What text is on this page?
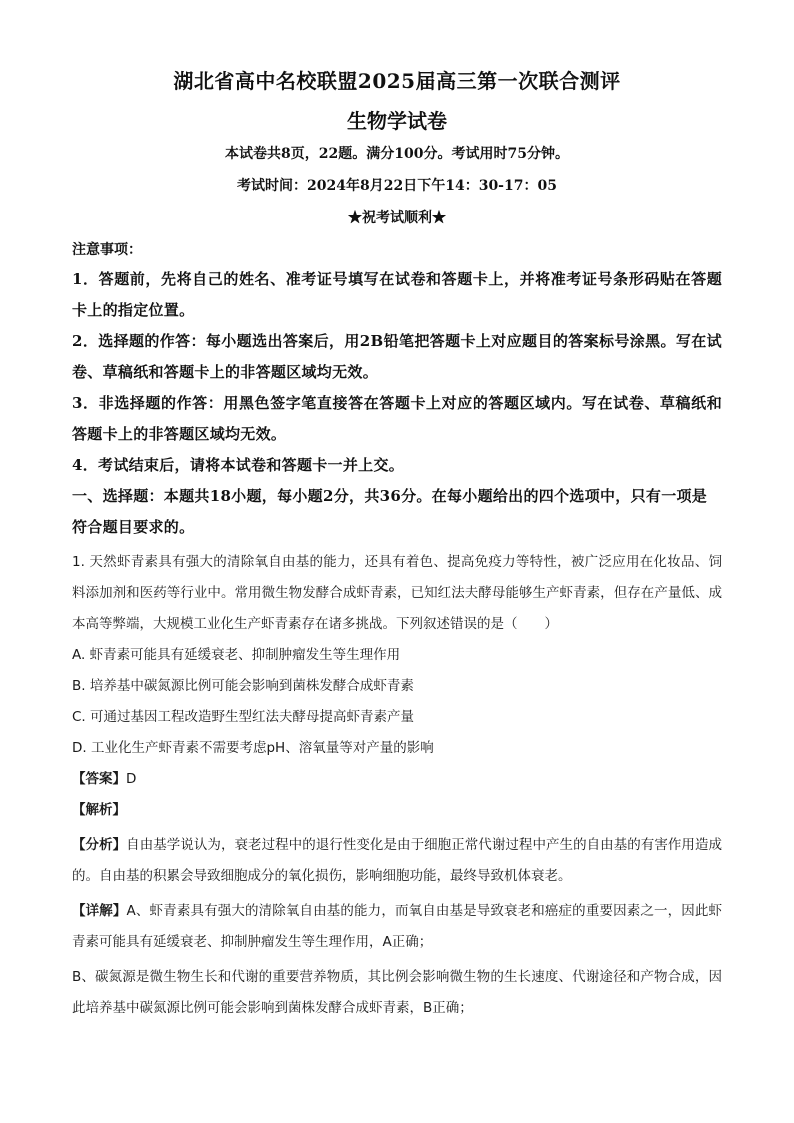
湖北省高中名校联盟2025届高三第一次联合测评
生物学试卷
本试卷共8页，22题。满分100分。考试用时75分钟。
考试时间：2024年8月22日下午14：30-17：05
★祝考试顺利★
注意事项：
1．答题前，先将自己的姓名、准考证号填写在试卷和答题卡上，并将准考证号条形码贴在答题卡上的指定位置。
2．选择题的作答：每小题选出答案后，用2B铅笔把答题卡上对应题目的答案标号涂黑。写在试卷、草稿纸和答题卡上的非答题区域均无效。
3．非选择题的作答：用黑色签字笔直接答在答题卡上对应的答题区域内。写在试卷、草稿纸和答题卡上的非答题区域均无效。
4．考试结束后，请将本试卷和答题卡一并上交。
一、选择题：本题共18小题，每小题2分，共36分。在每小题给出的四个选项中，只有一项是符合题目要求的。
1. 天然虾青素具有强大的清除氧自由基的能力，还具有着色、提高免疫力等特性，被广泛应用在化妆品、饲料添加剂和医药等行业中。常用微生物发酵合成虾青素，已知红法夫酵母能够生产虾青素，但存在产量低、成本高等弊端，大规模工业化生产虾青素存在诸多挑战。下列叙述错误的是（　　）
A. 虾青素可能具有延缓衰老、抑制肿瘤发生等生理作用
B. 培养基中碳氮源比例可能会影响到菌株发酵合成虾青素
C. 可通过基因工程改造野生型红法夫酵母提高虾青素产量
D. 工业化生产虾青素不需要考虑pH、溶氧量等对产量的影响
【答案】D
【解析】
【分析】自由基学说认为，衰老过程中的退行性变化是由于细胞正常代谢过程中产生的自由基的有害作用造成的。自由基的积累会导致细胞成分的氧化损伤，影响细胞功能，最终导致机体衰老。
【详解】A、虾青素具有强大的清除氧自由基的能力，而氧自由基是导致衰老和癌症的重要因素之一，因此虾青素可能具有延缓衰老、抑制肿瘤发生等生理作用，A正确；
B、碳氮源是微生物生长和代谢的重要营养物质，其比例会影响微生物的生长速度、代谢途径和产物合成，因此培养基中碳氮源比例可能会影响到菌株发酵合成虾青素，B正确；
